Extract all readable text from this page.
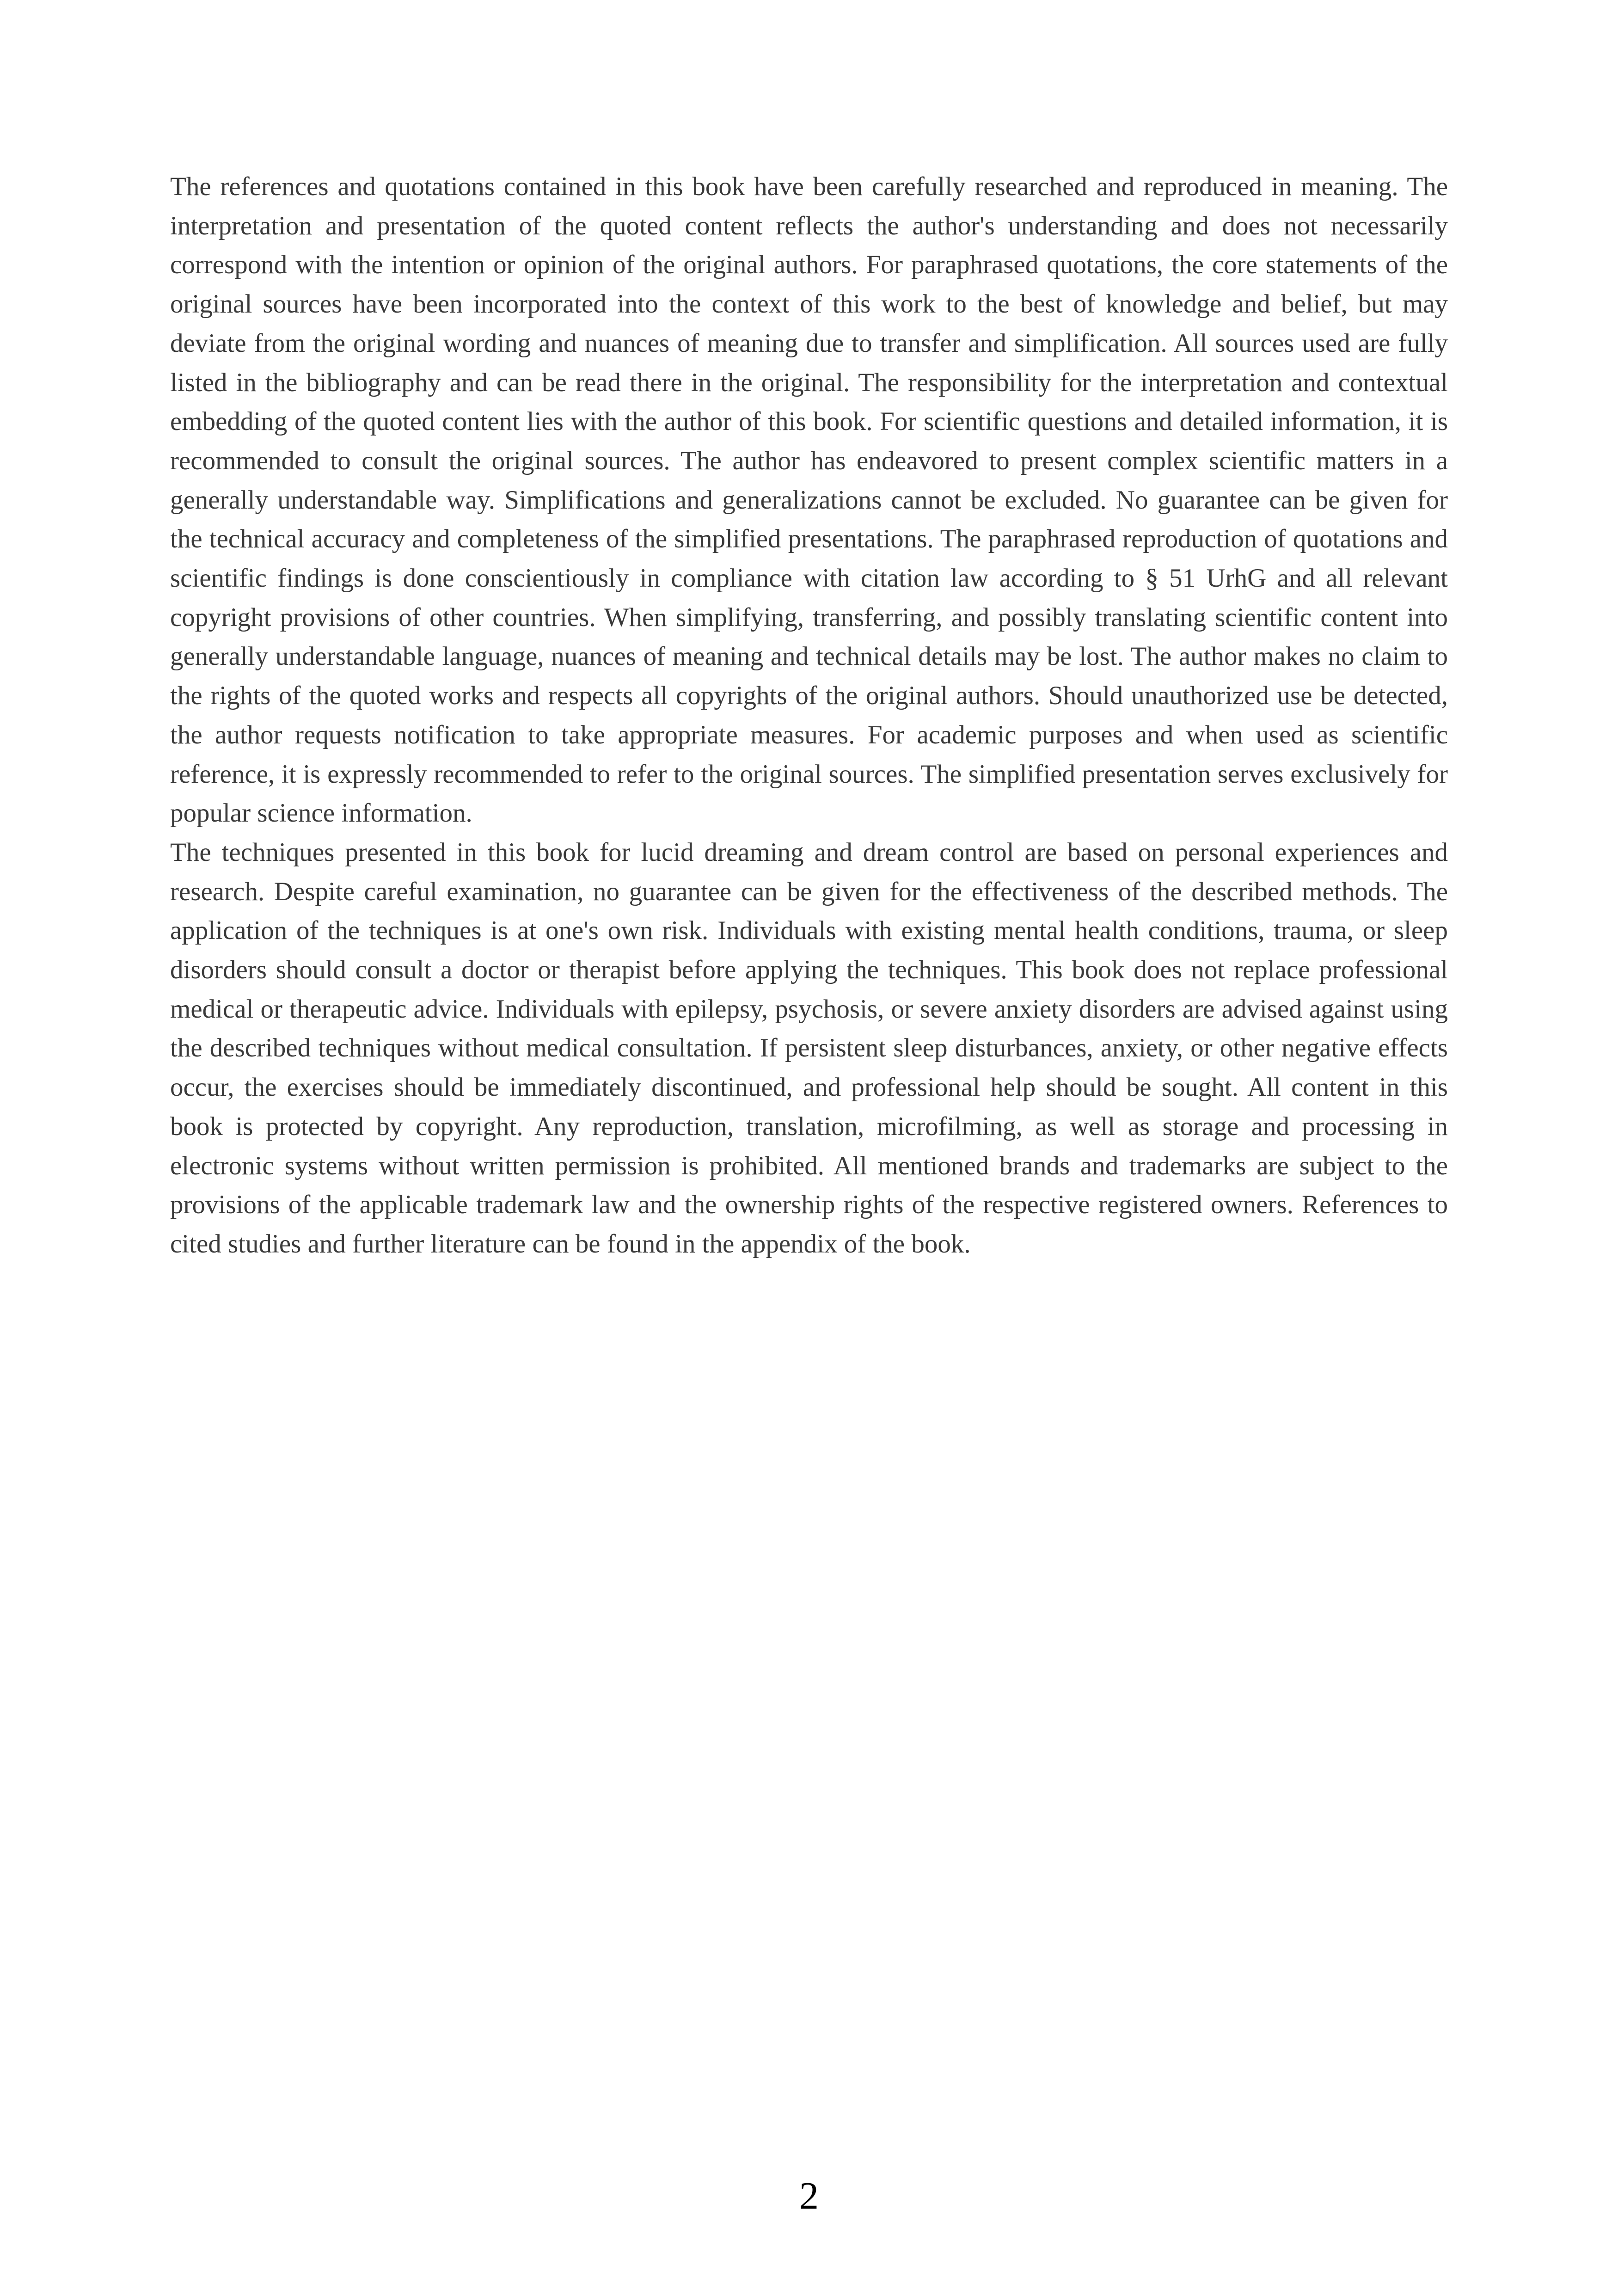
The references and quotations contained in this book have been carefully researched and reproduced in meaning. The interpretation and presentation of the quoted content reflects the author's understanding and does not necessarily correspond with the intention or opinion of the original authors. For paraphrased quotations, the core statements of the original sources have been incorporated into the context of this work to the best of knowledge and belief, but may deviate from the original wording and nuances of meaning due to transfer and simplification. All sources used are fully listed in the bibliography and can be read there in the original. The responsibility for the interpretation and contextual embedding of the quoted content lies with the author of this book. For scientific questions and detailed information, it is recommended to consult the original sources. The author has endeavored to present complex scientific matters in a generally understandable way. Simplifications and generalizations cannot be excluded. No guarantee can be given for the technical accuracy and completeness of the simplified presentations. The paraphrased reproduction of quotations and scientific findings is done conscientiously in compliance with citation law according to § 51 UrhG and all relevant copyright provisions of other countries. When simplifying, transferring, and possibly translating scientific content into generally understandable language, nuances of meaning and technical details may be lost. The author makes no claim to the rights of the quoted works and respects all copyrights of the original authors. Should unauthorized use be detected, the author requests notification to take appropriate measures. For academic purposes and when used as scientific reference, it is expressly recommended to refer to the original sources. The simplified presentation serves exclusively for popular science information.

The techniques presented in this book for lucid dreaming and dream control are based on personal experiences and research. Despite careful examination, no guarantee can be given for the effectiveness of the described methods. The application of the techniques is at one's own risk. Individuals with existing mental health conditions, trauma, or sleep disorders should consult a doctor or therapist before applying the techniques. This book does not replace professional medical or therapeutic advice. Individuals with epilepsy, psychosis, or severe anxiety disorders are advised against using the described techniques without medical consultation. If persistent sleep disturbances, anxiety, or other negative effects occur, the exercises should be immediately discontinued, and professional help should be sought. All content in this book is protected by copyright. Any reproduction, translation, microfilming, as well as storage and processing in electronic systems without written permission is prohibited. All mentioned brands and trademarks are subject to the provisions of the applicable trademark law and the ownership rights of the respective registered owners. References to cited studies and further literature can be found in the appendix of the book.

2
